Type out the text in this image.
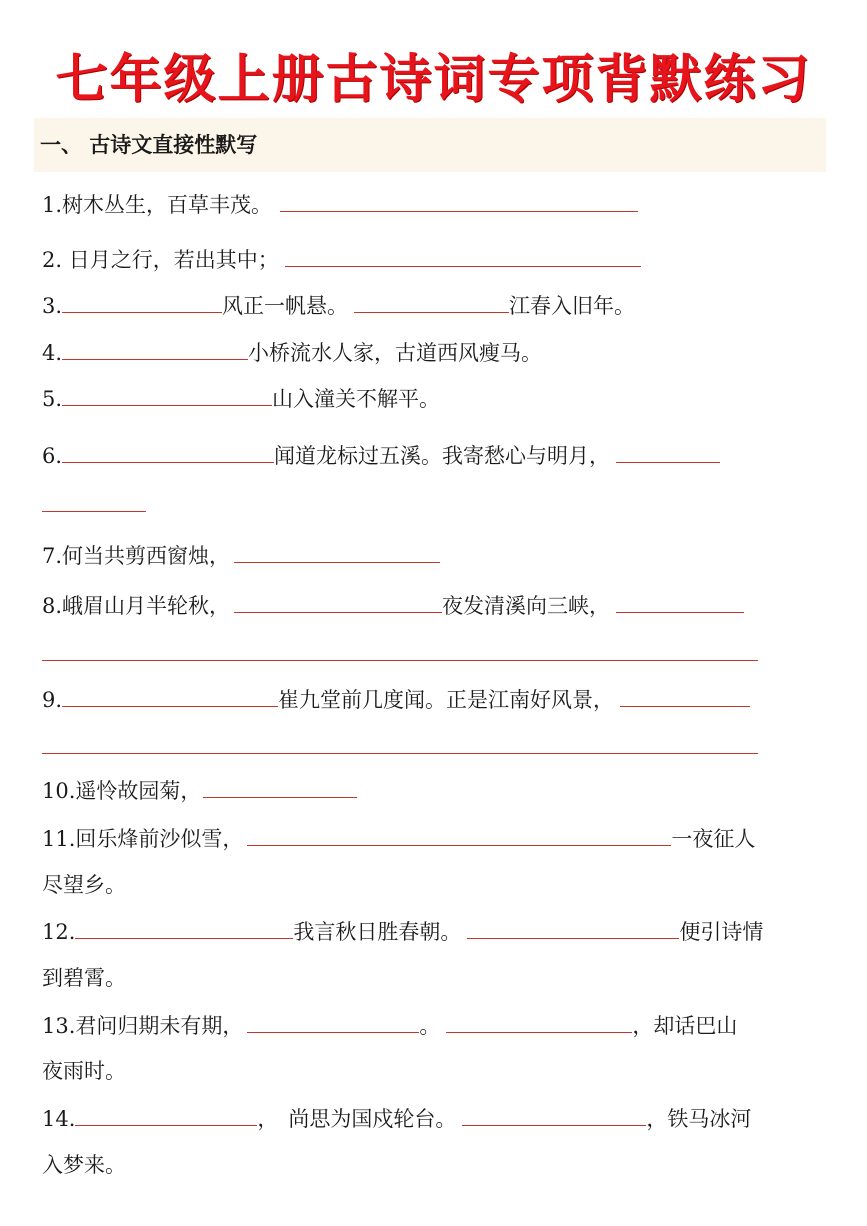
七年级上册古诗词专项背默练习
一、 古诗文直接性默写
1.树木丛生，百草丰茂。
2. 日月之行，若出其中；
3.	风正一帆悬。	江春入旧年。
4.	小桥流水人家，古道西风瘦马。
5.	山入潼关不解平。
6.	闻道龙标过五溪。我寄愁心与明月，
7.何当共剪西窗烛，
8.峨眉山月半轮秋，	夜发清溪向三峡，
9.	崔九堂前几度闻。正是江南好风景，
10.遥怜故园菊，
11.回乐烽前沙似雪，	一夜征人
尽望乡。
12.	我言秋日胜春朝。	便引诗情
到碧霄。
13.君问归期未有期，	。	，却话巴山
夜雨时。
14.	， 尚思为国戍轮台。	，铁马冰河
入梦来。
